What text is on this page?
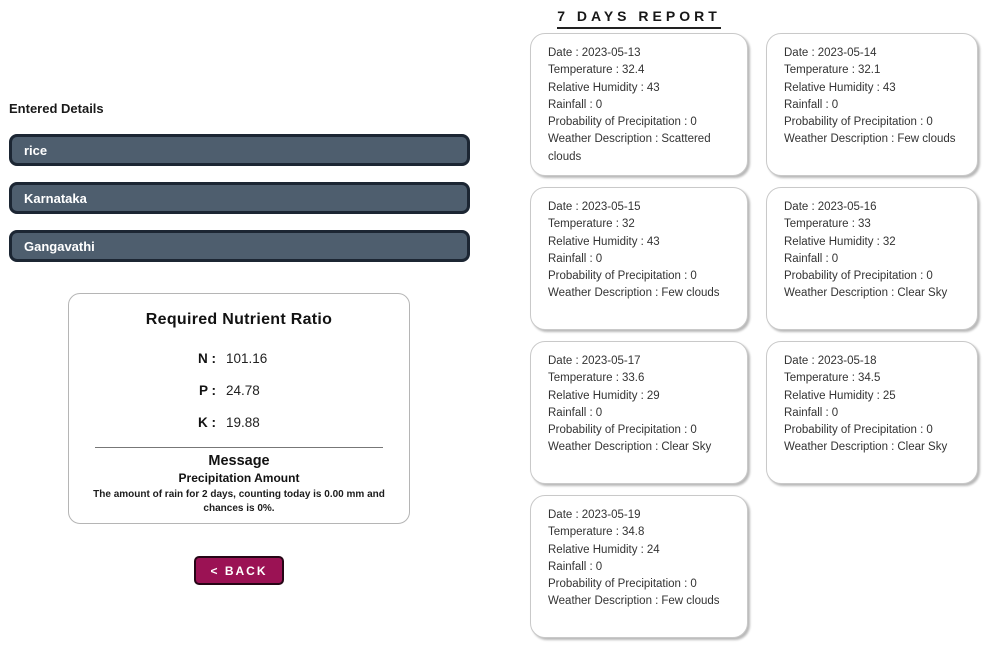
Entered Details
rice
Karnataka
Gangavathi
Required Nutrient Ratio
N : 101.16
P : 24.78
K : 19.88
Message
Precipitation Amount
The amount of rain for 2 days, counting today is 0.00 mm and chances is 0%.
< BACK
7 DAYS REPORT
Date : 2023-05-13
Temperature : 32.4
Relative Humidity : 43
Rainfall : 0
Probability of Precipitation : 0
Weather Description : Scattered clouds
Date : 2023-05-14
Temperature : 32.1
Relative Humidity : 43
Rainfall : 0
Probability of Precipitation : 0
Weather Description : Few clouds
Date : 2023-05-15
Temperature : 32
Relative Humidity : 43
Rainfall : 0
Probability of Precipitation : 0
Weather Description : Few clouds
Date : 2023-05-16
Temperature : 33
Relative Humidity : 32
Rainfall : 0
Probability of Precipitation : 0
Weather Description : Clear Sky
Date : 2023-05-17
Temperature : 33.6
Relative Humidity : 29
Rainfall : 0
Probability of Precipitation : 0
Weather Description : Clear Sky
Date : 2023-05-18
Temperature : 34.5
Relative Humidity : 25
Rainfall : 0
Probability of Precipitation : 0
Weather Description : Clear Sky
Date : 2023-05-19
Temperature : 34.8
Relative Humidity : 24
Rainfall : 0
Probability of Precipitation : 0
Weather Description : Few clouds
